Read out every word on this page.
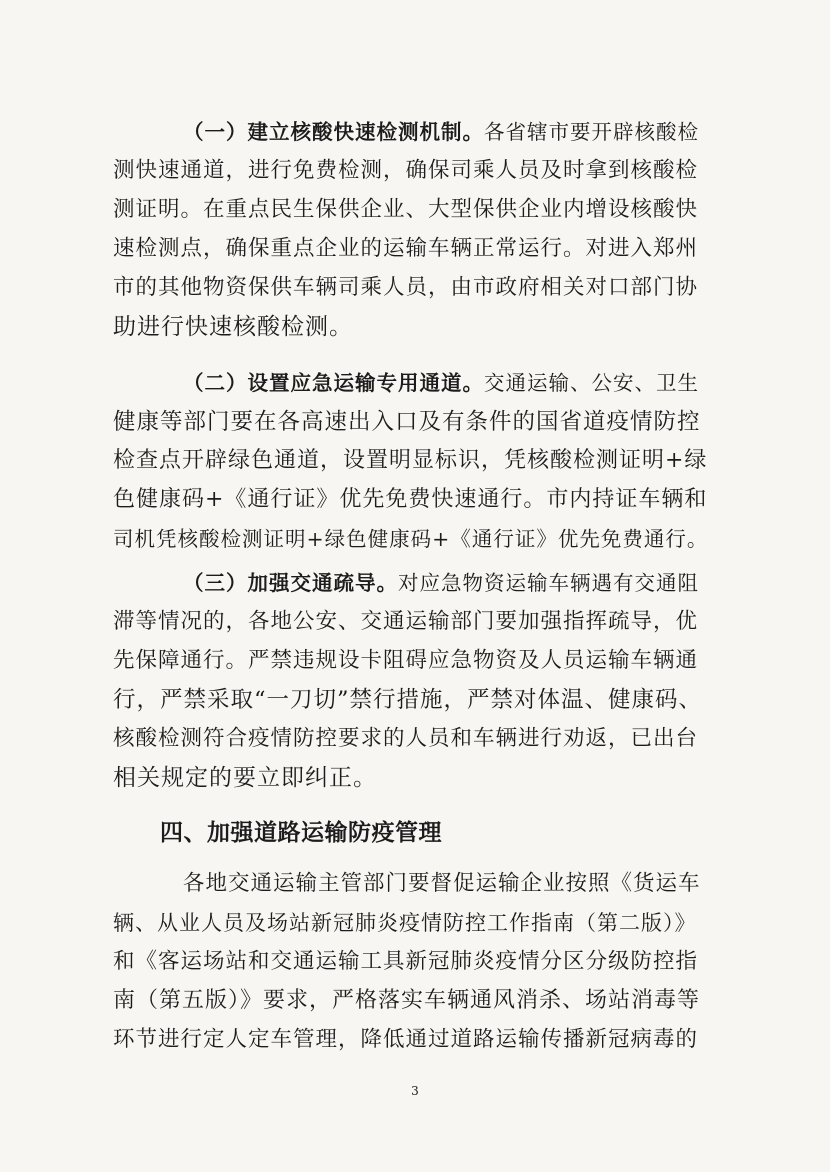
（一）建立核酸快速检测机制。各省辖市要开辟核酸检
测快速通道，进行免费检测，确保司乘人员及时拿到核酸检
测证明。在重点民生保供企业、大型保供企业内增设核酸快
速检测点，确保重点企业的运输车辆正常运行。对进入郑州
市的其他物资保供车辆司乘人员，由市政府相关对口部门协
助进行快速核酸检测。
（二）设置应急运输专用通道。交通运输、公安、卫生
健康等部门要在各高速出入口及有条件的国省道疫情防控
检查点开辟绿色通道，设置明显标识，凭核酸检测证明+绿
色健康码+《通行证》优先免费快速通行。市内持证车辆和
司机凭核酸检测证明+绿色健康码+《通行证》优先免费通行。
（三）加强交通疏导。对应急物资运输车辆遇有交通阻
滞等情况的，各地公安、交通运输部门要加强指挥疏导，优
先保障通行。严禁违规设卡阻碍应急物资及人员运输车辆通
行，严禁采取“一刀切”禁行措施，严禁对体温、健康码、
核酸检测符合疫情防控要求的人员和车辆进行劝返，已出台
相关规定的要立即纠正。
四、加强道路运输防疫管理
各地交通运输主管部门要督促运输企业按照《货运车
辆、从业人员及场站新冠肺炎疫情防控工作指南（第二版）》
和《客运场站和交通运输工具新冠肺炎疫情分区分级防控指
南（第五版）》要求，严格落实车辆通风消杀、场站消毒等
环节进行定人定车管理，降低通过道路运输传播新冠病毒的
3
